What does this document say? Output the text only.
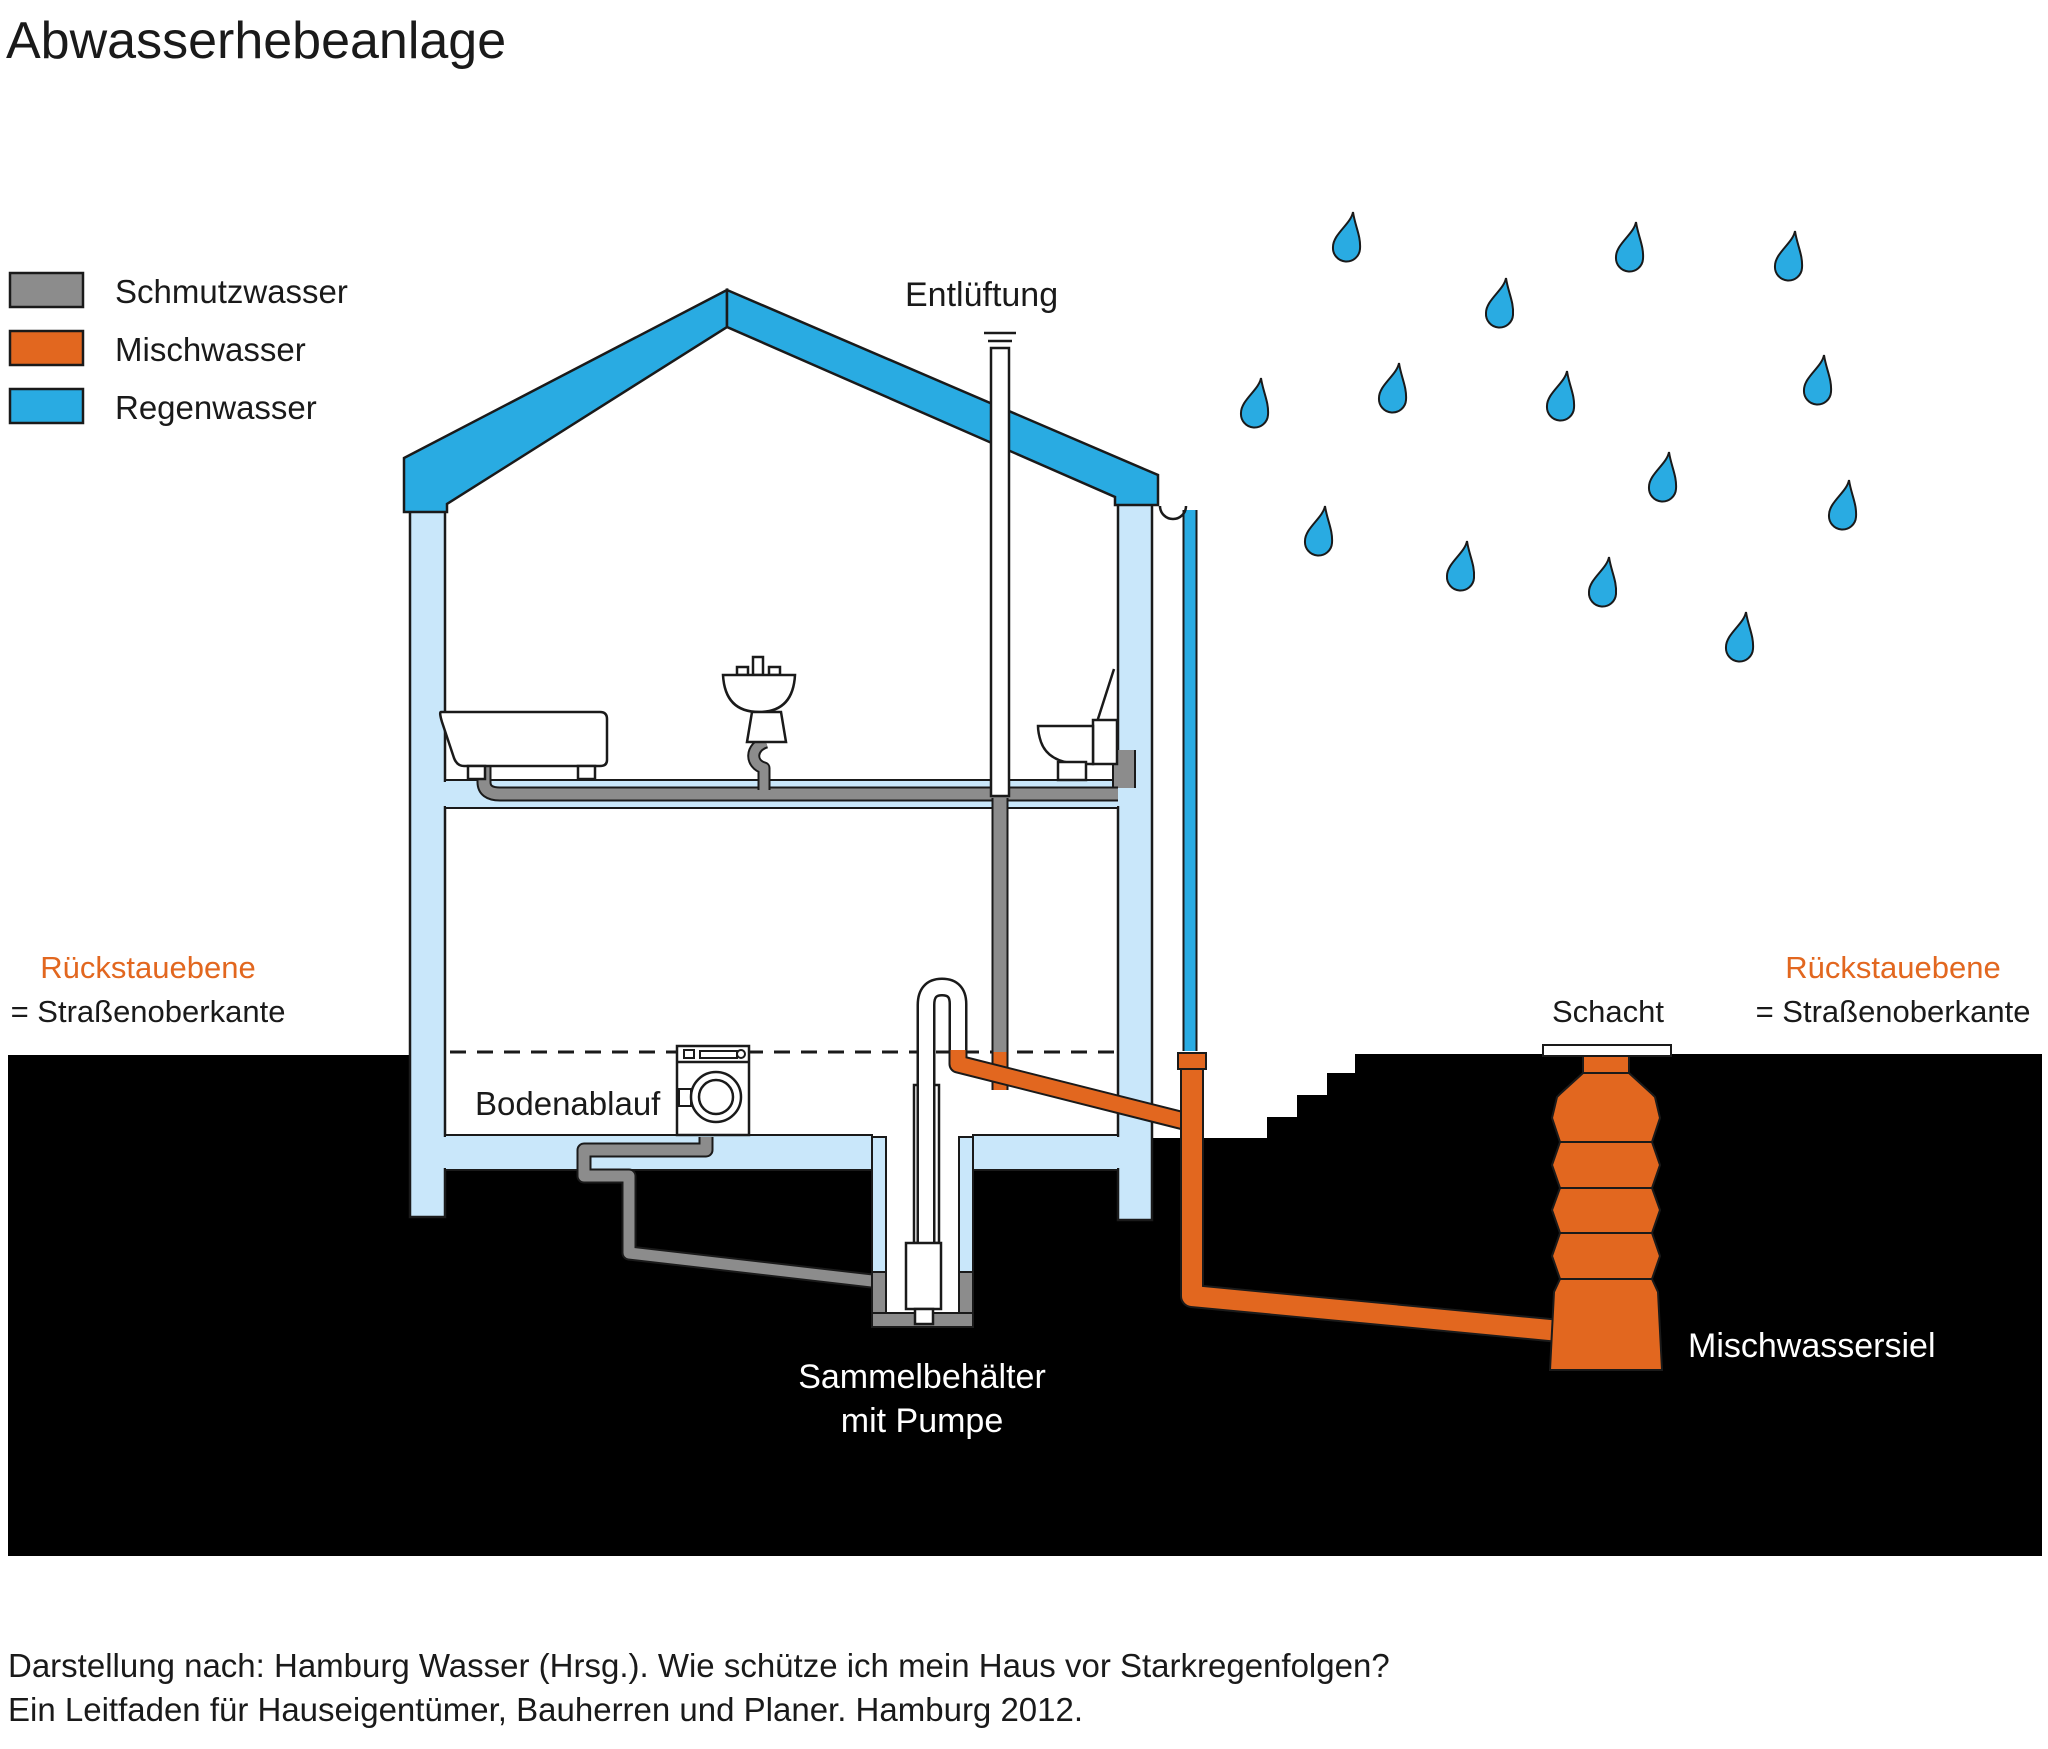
Abwasserhebeanlage
Schmutzwasser
Mischwasser
Regenwasser
Entlüftung
Rückstauebene
= Straßenoberkante
Rückstauebene
= Straßenoberkante
Bodenablauf
Schacht
Sammelbehälter
mit Pumpe
Mischwassersiel
Darstellung nach: Hamburg Wasser (Hrsg.). Wie schütze ich mein Haus vor Starkregenfolgen?
Ein Leitfaden für Hauseigentümer, Bauherren und Planer. Hamburg 2012.
